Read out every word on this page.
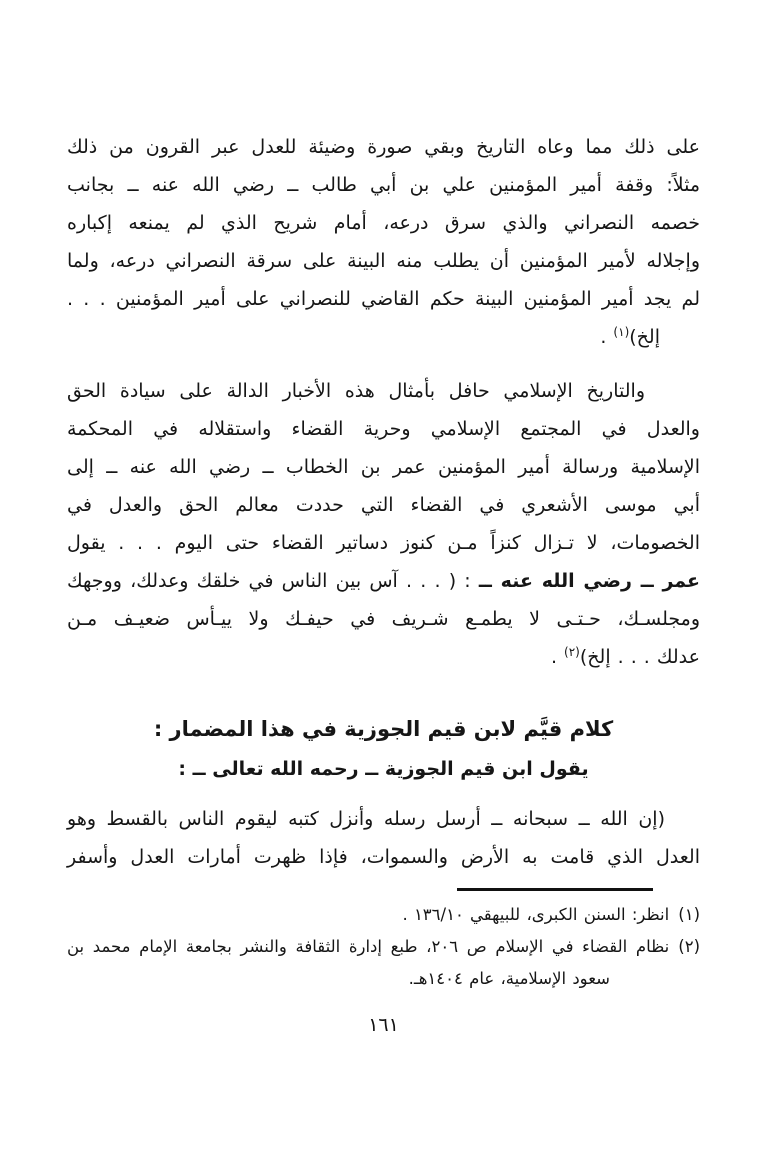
على ذلك مما وعاه التاريخ وبقي صورة وضيئة للعدل عبر القرون من ذلك
مثلاً: وقفة أمير المؤمنين علي بن أبي طالب ــ رضي الله عنه ــ بجانب
خصمه النصراني والذي سرق درعه، أمام شريح الذي لم يمنعه إكباره
وإجلاله لأمير المؤمنين أن يطلب منه البينة على سرقة النصراني درعه، ولما
لم يجد أمير المؤمنين البينة حكم القاضي للنصراني على أمير المؤمنين . . .
إلخ)$^{(١)}$ .
والتاريخ الإسلامي حافل بأمثال هذه الأخبار الدالة على سيادة الحق
والعدل في المجتمع الإسلامي وحرية القضاء واستقلاله في المحكمة
الإسلامية ورسالة أمير المؤمنين عمر بن الخطاب ــ رضي الله عنه ــ إلى
أبي موسى الأشعري في القضاء التي حددت معالم الحق والعدل في
الخصومات، لا تـزال كنزاً مـن كنوز دساتير القضاء حتى اليوم . . . يقول
عمر ــ رضي الله عنه ــ : ( . . . آس بين الناس في خلقك وعدلك، ووجهك
ومجلسـك، حـتـى لا يطمـع شـريف في حيفـك ولا ييـأس ضعيـف مـن
عدلك . . . إلخ)$^{(٢)}$ .
كلام قيَّم لابن قيم الجوزية في هذا المضمار :
يقول ابن قيم الجوزية ــ رحمه الله تعالى ــ :
(إن الله ــ سبحانه ــ أرسل رسله وأنزل كتبه ليقوم الناس بالقسط وهو
العدل الذي قامت به الأرض والسموات، فإذا ظهرت أمارات العدل وأسفر
(١)انظر: السنن الكبرى، للبيهقي ١٣٦/١٠ .
(٢)نظام القضاء في الإسلام ص ٢٠٦، طبع إدارة الثقافة والنشر بجامعة الإمام محمد بن
سعود الإسلامية، عام ١٤٠٤هـ.
١٦١
